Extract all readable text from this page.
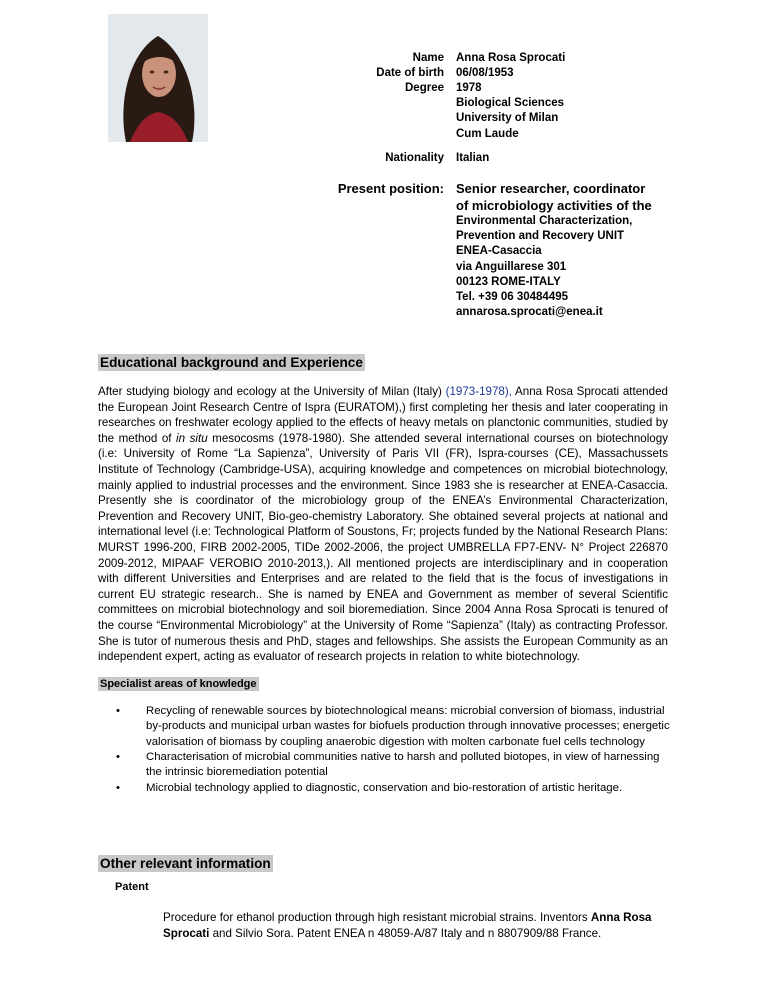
Name Anna Rosa Sprocati
Date of birth 06/08/1953
Degree 1978
Biological Sciences
University of Milan
Cum Laude
Nationality Italian
Present position: Senior researcher, coordinator
of microbiology activities of the
Environmental Characterization,
Prevention and Recovery UNIT
ENEA-Casaccia
via Anguillarese 301
00123 ROME-ITALY
Tel. +39 06 30484495
annarosa.sprocati@enea.it
Educational background and Experience
After studying biology and ecology at the University of Milan (Italy) (1973-1978), Anna Rosa Sprocati attended the European Joint Research Centre of Ispra (EURATOM),) first completing her thesis and later cooperating in researches on freshwater ecology applied to the effects of heavy metals on planctonic communities, studied by the method of in situ mesocosms (1978-1980). She attended several international courses on biotechnology (i.e: University of Rome “La Sapienza”, University of Paris VII (FR), Ispra-courses (CE), Massachussets Institute of Technology (Cambridge-USA), acquiring knowledge and competences on microbial biotechnology, mainly applied to industrial processes and the environment. Since 1983 she is researcher at ENEA-Casaccia. Presently she is coordinator of the microbiology group of the ENEA’s Environmental Characterization, Prevention and Recovery UNIT, Bio-geo-chemistry Laboratory. She obtained several projects at national and international level (i.e: Technological Platform of Soustons, Fr; projects funded by the National Research Plans: MURST 1996-200, FIRB 2002-2005, TIDe 2002-2006, the project UMBRELLA FP7-ENV- N° Project 226870 2009-2012, MIPAAF VEROBIO 2010-2013,). All mentioned projects are interdisciplinary and in cooperation with different Universities and Enterprises and are related to the field that is the focus of investigations in current EU strategic research.. She is named by ENEA and Government as member of several Scientific committees on microbial biotechnology and soil bioremediation. Since 2004 Anna Rosa Sprocati is tenured of the course “Environmental Microbiology” at the University of Rome “Sapienza” (Italy) as contracting Professor. She is tutor of numerous thesis and PhD, stages and fellowships. She assists the European Community as an independent expert, acting as evaluator of research projects in relation to white biotechnology.
Specialist areas of knowledge
• Recycling of renewable sources by biotechnological means: microbial conversion of biomass, industrial by-products and municipal urban wastes for biofuels production through innovative processes; energetic valorisation of biomass by coupling anaerobic digestion with molten carbonate fuel cells technology
• Characterisation of microbial communities native to harsh and polluted biotopes, in view of harnessing the intrinsic bioremediation potential
• Microbial technology applied to diagnostic, conservation and bio-restoration of artistic heritage.
Other relevant information
Patent
Procedure for ethanol production through high resistant microbial strains. Inventors Anna Rosa Sprocati and Silvio Sora. Patent ENEA n 48059-A/87 Italy and n 8807909/88 France.
